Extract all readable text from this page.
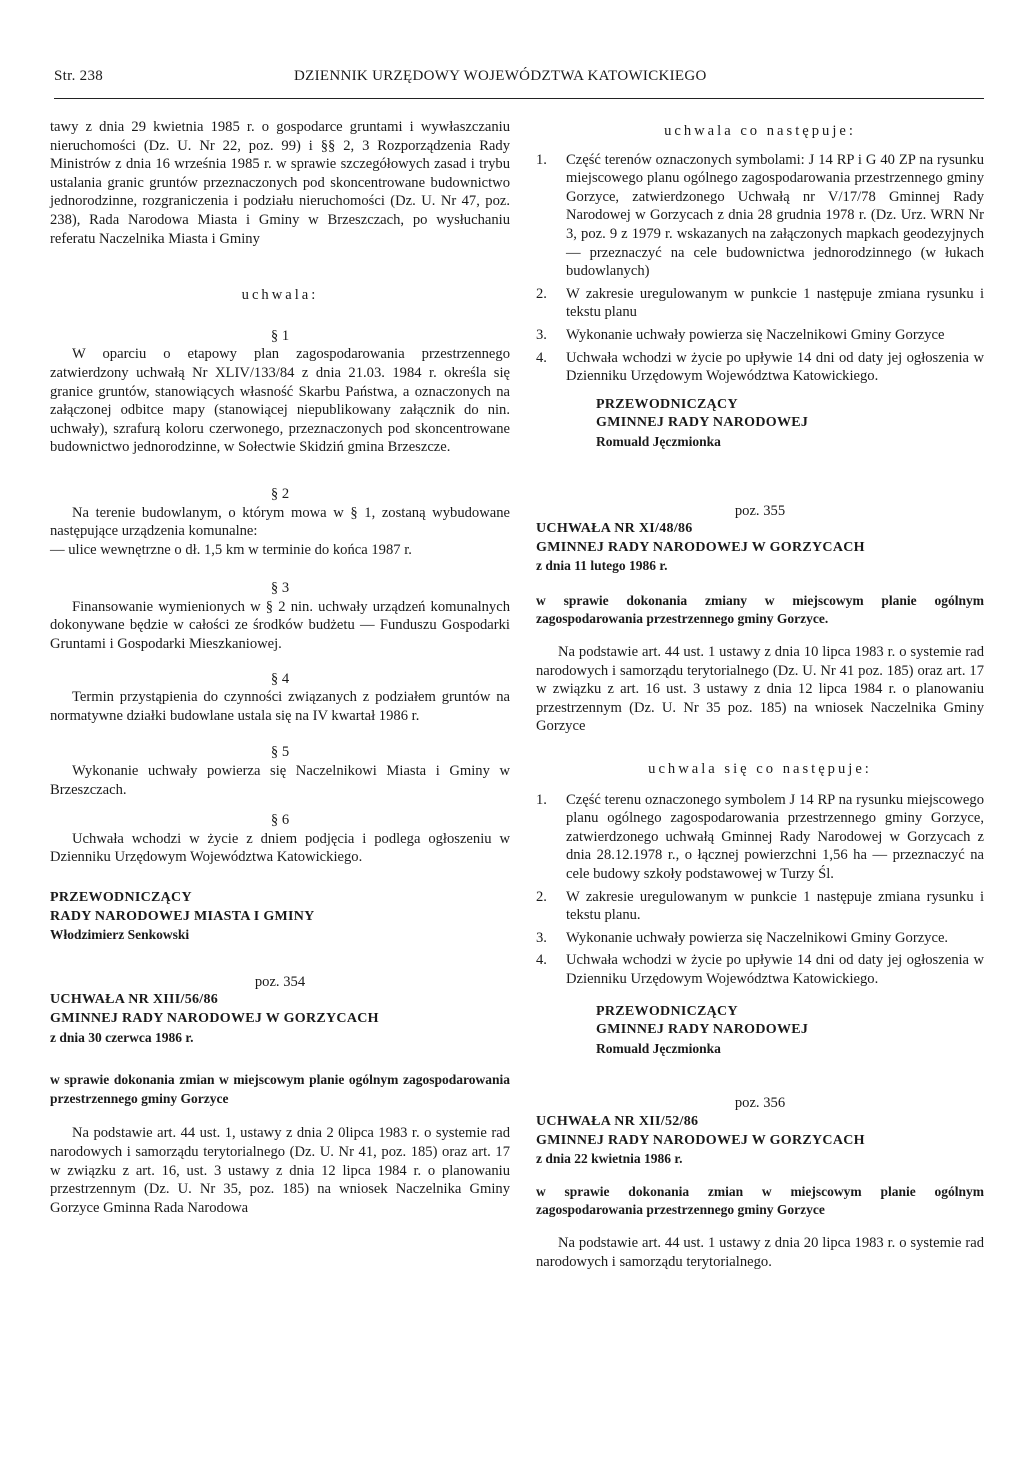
Str. 238	DZIENNIK URZĘDOWY WOJEWÓDZTWA KATOWICKIEGO

tawy z dnia 29 kwietnia 1985 r. o gospodarce gruntami i wywłaszczaniu nieruchomości (Dz. U. Nr 22, poz. 99) i §§ 2, 3 Rozporządzenia Rady Ministrów z dnia 16 września 1985 r. w sprawie szczegółowych zasad i trybu ustalania granic gruntów przeznaczonych pod skoncentrowane budownictwo jednorodzinne, rozgraniczenia i podziału nieruchomości (Dz. U. Nr 47, poz. 238), Rada Narodowa Miasta i Gminy w Brzeszczach, po wysłuchaniu referatu Naczelnika Miasta i Gminy

uchwala:

§ 1

W oparciu o etapowy plan zagospodarowania przestrzennego zatwierdzony uchwałą Nr XLIV/133/84 z dnia 21.03. 1984 r. określa się granice gruntów, stanowiących własność Skarbu Państwa, a oznaczonych na załączonej odbitce mapy (stanowiącej niepublikowany załącznik do nin. uchwały), szrafurą koloru czerwonego, przeznaczonych pod skoncentrowane budownictwo jednorodzinne, w Sołectwie Skidziń gmina Brzeszcze.

§ 2

Na terenie budowlanym, o którym mowa w § 1, zostaną wybudowane następujące urządzenia komunalne:

— ulice wewnętrzne o dł. 1,5 km w terminie do końca 1987 r.

§ 3

Finansowanie wymienionych w § 2 nin. uchwały urządzeń komunalnych dokonywane będzie w całości ze środków budżetu — Funduszu Gospodarki Gruntami i Gospodarki Mieszkaniowej.

§ 4

Termin przystąpienia do czynności związanych z podziałem gruntów na normatywne działki budowlane ustala się na IV kwartał 1986 r.

§ 5

Wykonanie uchwały powierza się Naczelnikowi Miasta i Gminy w Brzeszczach.

§ 6

Uchwała wchodzi w życie z dniem podjęcia i podlega ogłoszeniu w Dzienniku Urzędowym Województwa Katowickiego.

PRZEWODNICZĄCY

RADY NARODOWEJ MIASTA I GMINY

Włodzimierz Senkowski

poz. 354

UCHWAŁA NR XIII/56/86

GMINNEJ RADY NARODOWEJ W GORZYCACH

z dnia 30 czerwca 1986 r.

w sprawie dokonania zmian w miejscowym planie ogólnym zagospodarowania przestrzennego gminy Gorzyce

Na podstawie art. 44 ust. 1, ustawy z dnia 2 0lipca 1983 r. o systemie rad narodowych i samorządu terytorialnego (Dz. U. Nr 41, poz. 185) oraz art. 17 w związku z art. 16, ust. 3 ustawy z dnia 12 lipca 1984 r. o planowaniu przestrzennym (Dz. U. Nr 35, poz. 185) na wniosek Naczelnika Gminy Gorzyce Gminna Rada Narodowa

uchwala co następuje:

1. Część terenów oznaczonych symbolami: J 14 RP i G 40 ZP na rysunku miejscowego planu ogólnego zagospodarowania przestrzennego gminy Gorzyce, zatwierdzonego Uchwałą nr V/17/78 Gminnej Rady Narodowej w Gorzycach z dnia 28 grudnia 1978 r. (Dz. Urz. WRN Nr 3, poz. 9 z 1979 r. wskazanych na załączonych mapkach geodezyjnych — przeznaczyć na cele budownictwa jednorodzinnego (w łukach budowlanych)
2. W zakresie uregulowanym w punkcie 1 następuje zmiana rysunku i tekstu planu
3. Wykonanie uchwały powierza się Naczelnikowi Gminy Gorzyce
4. Uchwała wchodzi w życie po upływie 14 dni od daty jej ogłoszenia w Dzienniku Urzędowym Województwa Katowickiego.

PRZEWODNICZĄCY

GMINNEJ RADY NARODOWEJ

Romuald Jęczmionka

poz. 355

UCHWAŁA NR XI/48/86

GMINNEJ RADY NARODOWEJ W GORZYCACH

z dnia 11 lutego 1986 r.

w sprawie dokonania zmiany w miejscowym planie ogólnym zagospodarowania przestrzennego gminy Gorzyce.

Na podstawie art. 44 ust. 1 ustawy z dnia 10 lipca 1983 r. o systemie rad narodowych i samorządu terytorialnego (Dz. U. Nr 41 poz. 185) oraz art. 17 w związku z art. 16 ust. 3 ustawy z dnia 12 lipca 1984 r. o planowaniu przestrzennym (Dz. U. Nr 35 poz. 185) na wniosek Naczelnika Gminy Gorzyce

uchwala się co następuje:

1. Część terenu oznaczonego symbolem J 14 RP na rysunku miejscowego planu ogólnego zagospodarowania przestrzennego gminy Gorzyce, zatwierdzonego uchwałą Gminnej Rady Narodowej w Gorzycach z dnia 28.12.1978 r., o łącznej powierzchni 1,56 ha — przeznaczyć na cele budowy szkoły podstawowej w Turzy Śl.
2. W zakresie uregulowanym w punkcie 1 następuje zmiana rysunku i tekstu planu.
3. Wykonanie uchwały powierza się Naczelnikowi Gminy Gorzyce.
4. Uchwała wchodzi w życie po upływie 14 dni od daty jej ogłoszenia w Dzienniku Urzędowym Województwa Katowickiego.

PRZEWODNICZĄCY

GMINNEJ RADY NARODOWEJ

Romuald Jęczmionka

poz. 356

UCHWAŁA NR XII/52/86

GMINNEJ RADY NARODOWEJ W GORZYCACH

z dnia 22 kwietnia 1986 r.

w sprawie dokonania zmian w miejscowym planie ogólnym zagospodarowania przestrzennego gminy Gorzyce

Na podstawie art. 44 ust. 1 ustawy z dnia 20 lipca 1983 r. o systemie rad narodowych i samorządu terytorialnego.
